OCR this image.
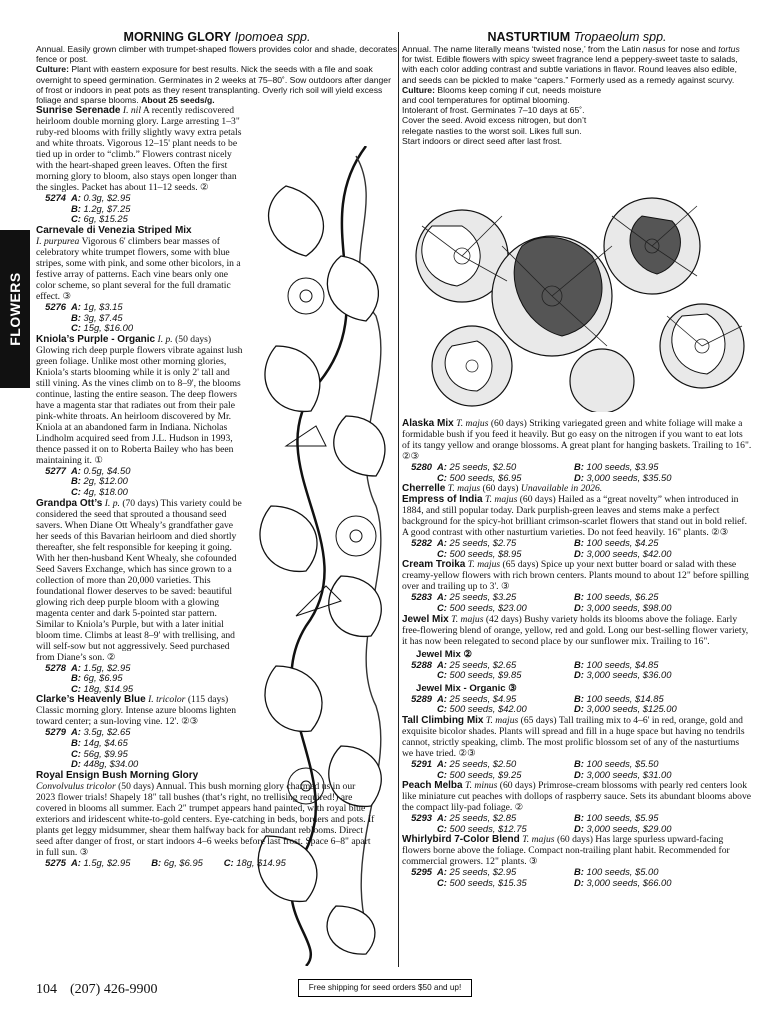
FLOWERS
MORNING GLORY Ipomoea spp.

Annual. Easily grown climber with trumpet-shaped flowers provides color and shade, decorates fence or post.
Culture: Plant with eastern exposure for best results. Nick the seeds with a file and soak overnight to speed germination. Germinates in 2 weeks at 75–80˚. Sow outdoors after danger of frost or indoors in peat pots as they resent transplanting. Overly rich soil will yield excess foliage and sparse blooms. About 25 seeds/g.

Sunrise Serenade I. nil A recently rediscovered heirloom double morning glory. Large arresting 1–3" ruby-red blooms with frilly slightly wavy extra petals and white throats. Vigorous 12–15' plant needs to be tied up in order to “climb.” Flowers contrast nicely with the heart-shaped green leaves. Often the first morning glory to bloom, also stays open longer than the singles. Packet has about 11–12 seeds. ②

5274 A: 0.3g, $2.95

B: 1.2g, $7.25

C: 6g, $15.25

Carnevale di Venezia Striped Mix
I. purpurea Vigorous 6' climbers bear masses of celebratory white trumpet flowers, some with blue stripes, some with pink, and some other bicolors, in a festive array of patterns. Each vine bears only one color scheme, so plant several for the full dramatic effect. ③

5276 A: 1g, $3.15

B: 3g, $7.45

C: 15g, $16.00

Kniola’s Purple - Organic I. p. (50 days) Glowing rich deep purple flowers vibrate against lush green foliage. Unlike most other morning glories, Kniola’s starts blooming while it is only 2' tall and still vining. As the vines climb on to 8–9', the blooms continue, lasting the entire season. The deep flowers have a magenta star that radiates out from their pale pink-white throats. An heirloom discovered by Mr. Kniola at an abandoned farm in Indiana. Nicholas Lindholm acquired seed from J.L. Hudson in 1993, thence passed it on to Roberta Bailey who has been maintaining it. ①

5277 A: 0.5g, $4.50

B: 2g, $12.00

C: 4g, $18.00

Grandpa Ott’s I. p. (70 days) This variety could be considered the seed that sprouted a thousand seed savers. When Diane Ott Whealy’s grandfather gave her seeds of this Bavarian heirloom and died shortly thereafter, she felt responsible for keeping it going. With her then-husband Kent Whealy, she cofounded Seed Savers Exchange, which has since grown to a collection of more than 20,000 varieties. This foundational flower deserves to be saved: beautiful glowing rich deep purple bloom with a glowing magenta center and dark 5-pointed star pattern. Similar to Kniola’s Purple, but with a later initial bloom time. Climbs at least 8–9' with trellising, and will self-sow but not aggressively. Seed purchased from Diane’s son. ②

5278 A: 1.5g, $2.95

B: 6g, $6.95

C: 18g, $14.95

Clarke’s Heavenly Blue I. tricolor (115 days) Classic morning glory. Intense azure blooms lighten toward center; a sun-loving vine. 12'. ②③

5279 A: 3.5g, $2.65

B: 14g, $4.65

C: 56g, $9.95

D: 448g, $34.00

Royal Ensign Bush Morning Glory
Convolvulus tricolor (50 days) Annual. This bush morning glory charmed us in our 2023 flower trials! Shapely 18" tall bushes (that’s right, no trellising required!) are covered in blooms all summer. Each 2" trumpet appears hand painted, with royal blue exteriors and iridescent white-to-gold centers. Eye-catching in beds, borders and pots. If plants get leggy midsummer, shear them halfway back for abundant reblooms. Direct seed after danger of frost, or start indoors 4–6 weeks before last frost. Space 6–8" apart in full sun. ③

5275 A: 1.5g, $2.95 B: 6g, $6.95 C: 18g, $14.95

NASTURTIUM Tropaeolum spp.

Annual. The name literally means ‘twisted nose,’ from the Latin nasus for nose and tortus for twist. Edible flowers with spicy sweet fragrance lend a peppery-sweet taste to salads, with each color adding contrast and subtle variations in flavor. Round leaves also edible, and seeds can be pickled to make “capers.” Formerly used as a remedy against scurvy.

Culture: Blooms keep coming if cut, needs moisture and cool temperatures for optimal blooming. Intolerant of frost. Germinates 7–10 days at 65˚. Cover the seed. Avoid excess nitrogen, but don’t relegate nasties to the worst soil. Likes full sun. Start indoors or direct seed after last frost.

Alaska Mix T. majus (60 days) Striking variegated green and white foliage will make a formidable bush if you feed it heavily. But go easy on the nitrogen if you want to eat lots of its tangy yellow and orange blossoms. A great plant for hanging baskets. Trailing to 16". ②③

5280 A: 25 seeds, $2.50	B: 100 seeds, $3.95

C: 500 seeds, $6.95	D: 3,000 seeds, $35.50

Cherrelle T. majus (60 days) Unavailable in 2026.

Empress of India T. majus (60 days) Hailed as a “great novelty” when introduced in 1884, and still popular today. Dark purplish-green leaves and stems make a perfect background for the spicy-hot brilliant crimson-scarlet flowers that stand out in bold relief. A good contrast with other nasturtium varieties. Do not feed heavily. 16" plants. ②③

5282 A: 25 seeds, $2.75	B: 100 seeds, $4.25

C: 500 seeds, $8.95	D: 3,000 seeds, $42.00

Cream Troika T. majus (65 days) Spice up your next butter board or salad with these creamy-yellow flowers with rich brown centers. Plants mound to about 12" before spilling over and trailing up to 3'. ③

5283 A: 25 seeds, $3.25	B: 100 seeds, $6.25

C: 500 seeds, $23.00	D: 3,000 seeds, $98.00

Jewel Mix T. majus (42 days) Bushy variety holds its blooms above the foliage. Early free-flowering blend of orange, yellow, red and gold. Long our best-selling flower variety, it has now been relegated to second place by our sunflower mix. Trailing to 16".

Jewel Mix ②

5288 A: 25 seeds, $2.65	B: 100 seeds, $4.85

C: 500 seeds, $9.85	D: 3,000 seeds, $36.00

Jewel Mix - Organic ③

5289 A: 25 seeds, $4.95	B: 100 seeds, $14.85

C: 500 seeds, $42.00	D: 3,000 seeds, $125.00

Tall Climbing Mix T. majus (65 days) Tall trailing mix to 4–6' in red, orange, gold and exquisite bicolor shades. Plants will spread and fill in a huge space but having no tendrils cannot, strictly speaking, climb. The most prolific blossom set of any of the nasturtiums we have tried. ②③

5291 A: 25 seeds, $2.50	B: 100 seeds, $5.50

C: 500 seeds, $9.25	D: 3,000 seeds, $31.00

Peach Melba T. minus (60 days) Primrose-cream blossoms with pearly red centers look like miniature cut peaches with dollops of raspberry sauce. Sets its abundant blooms above the compact lily-pad foliage. ②

5293 A: 25 seeds, $2.85	B: 100 seeds, $5.95

C: 500 seeds, $12.75	D: 3,000 seeds, $29.00

Whirlybird 7-Color Blend T. majus (60 days) Has large spurless upward-facing flowers borne above the foliage. Compact non-trailing plant habit. Recommended for commercial growers. 12" plants. ③

5295 A: 25 seeds, $2.95	B: 100 seeds, $5.00

C: 500 seeds, $15.35	D: 3,000 seeds, $66.00

104 (207) 426-9900	Free shipping for seed orders $50 and up!
